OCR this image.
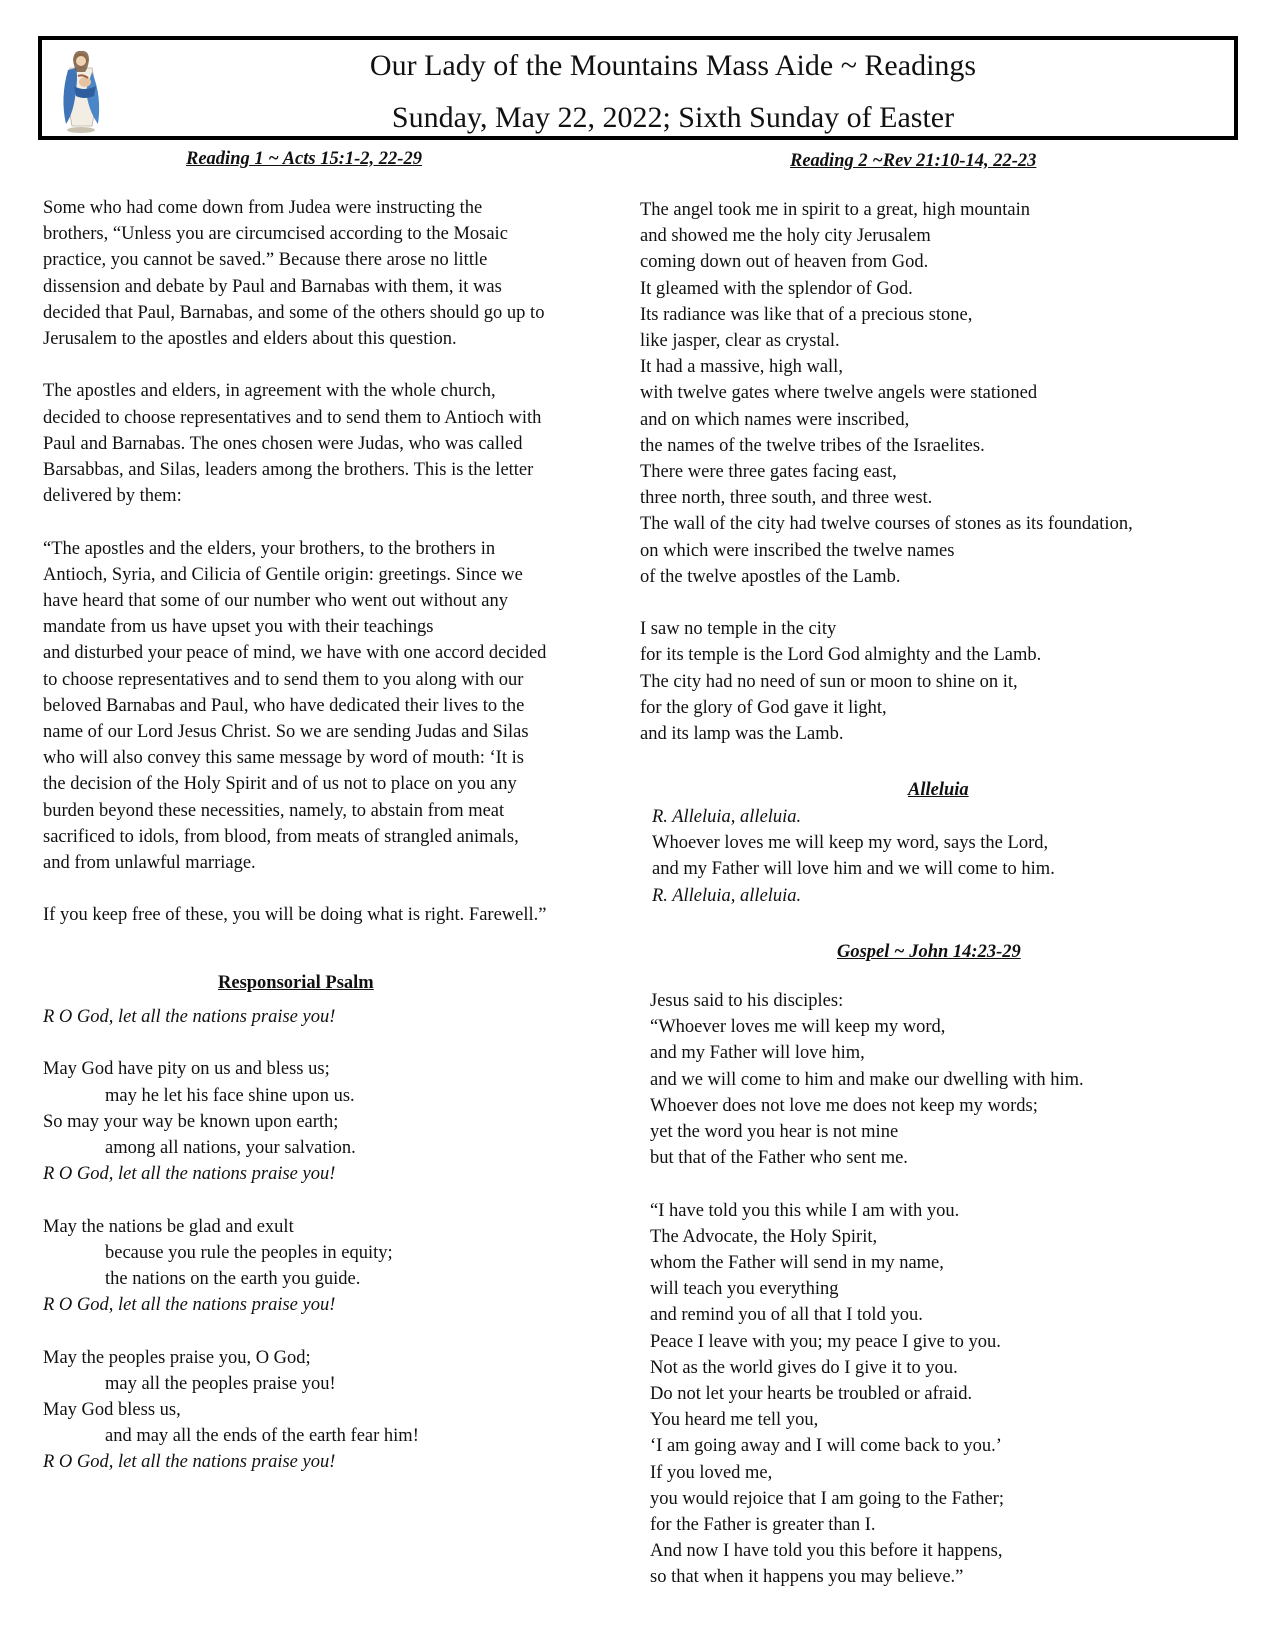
Our Lady of the Mountains Mass Aide ~ Readings
Sunday, May 22, 2022; Sixth Sunday of Easter
Reading 1 ~ Acts 15:1-2, 22-29

Some who had come down from Judea were instructing the
brothers, “Unless you are circumcised according to the Mosaic
practice, you cannot be saved.” Because there arose no little
dissension and debate by Paul and Barnabas with them, it was
decided that Paul, Barnabas, and some of the others should go up to
Jerusalem to the apostles and elders about this question.

The apostles and elders, in agreement with the whole church,
decided to choose representatives and to send them to Antioch with
Paul and Barnabas. The ones chosen were Judas, who was called
Barsabbas, and Silas, leaders among the brothers. This is the letter
delivered by them:

“The apostles and the elders, your brothers, to the brothers in
Antioch, Syria, and Cilicia of Gentile origin: greetings. Since we
have heard that some of our number who went out without any
mandate from us have upset you with their teachings
and disturbed your peace of mind, we have with one accord decided
to choose representatives and to send them to you along with our
beloved Barnabas and Paul, who have dedicated their lives to the
name of our Lord Jesus Christ. So we are sending Judas and Silas
who will also convey this same message by word of mouth: ‘It is
the decision of the Holy Spirit and of us not to place on you any
burden beyond these necessities, namely, to abstain from meat
sacrificed to idols, from blood, from meats of strangled animals,
and from unlawful marriage.

If you keep free of these, you will be doing what is right. Farewell.”

Responsorial Psalm
R O God, let all the nations praise you!
May God have pity on us and bless us;
may he let his face shine upon us.
So may your way be known upon earth;
among all nations, your salvation.
R O God, let all the nations praise you!
May the nations be glad and exult
because you rule the peoples in equity;
the nations on the earth you guide.
R O God, let all the nations praise you!
May the peoples praise you, O God;
may all the peoples praise you!
May God bless us,
and may all the ends of the earth fear him!
R O God, let all the nations praise you!
Reading 2 ~Rev 21:10-14, 22-23
The angel took me in spirit to a great, high mountain
and showed me the holy city Jerusalem
coming down out of heaven from God.
It gleamed with the splendor of God.
Its radiance was like that of a precious stone,
like jasper, clear as crystal.
It had a massive, high wall,
with twelve gates where twelve angels were stationed
and on which names were inscribed,
the names of the twelve tribes of the Israelites.
There were three gates facing east,
three north, three south, and three west.
The wall of the city had twelve courses of stones as its foundation,
on which were inscribed the twelve names
of the twelve apostles of the Lamb.
I saw no temple in the city
for its temple is the Lord God almighty and the Lamb.
The city had no need of sun or moon to shine on it,
for the glory of God gave it light,
and its lamp was the Lamb.
Alleluia
R. Alleluia, alleluia.
Whoever loves me will keep my word, says the Lord,
and my Father will love him and we will come to him.
R. Alleluia, alleluia.
Gospel ~ John 14:23-29
Jesus said to his disciples:
“Whoever loves me will keep my word,
and my Father will love him,
and we will come to him and make our dwelling with him.
Whoever does not love me does not keep my words;
yet the word you hear is not mine
but that of the Father who sent me.
“I have told you this while I am with you.
The Advocate, the Holy Spirit,
whom the Father will send in my name,
will teach you everything
and remind you of all that I told you.
Peace I leave with you; my peace I give to you.
Not as the world gives do I give it to you.
Do not let your hearts be troubled or afraid.
You heard me tell you,
‘I am going away and I will come back to you.’
If you loved me,
you would rejoice that I am going to the Father;
for the Father is greater than I.
And now I have told you this before it happens,
so that when it happens you may believe.”
